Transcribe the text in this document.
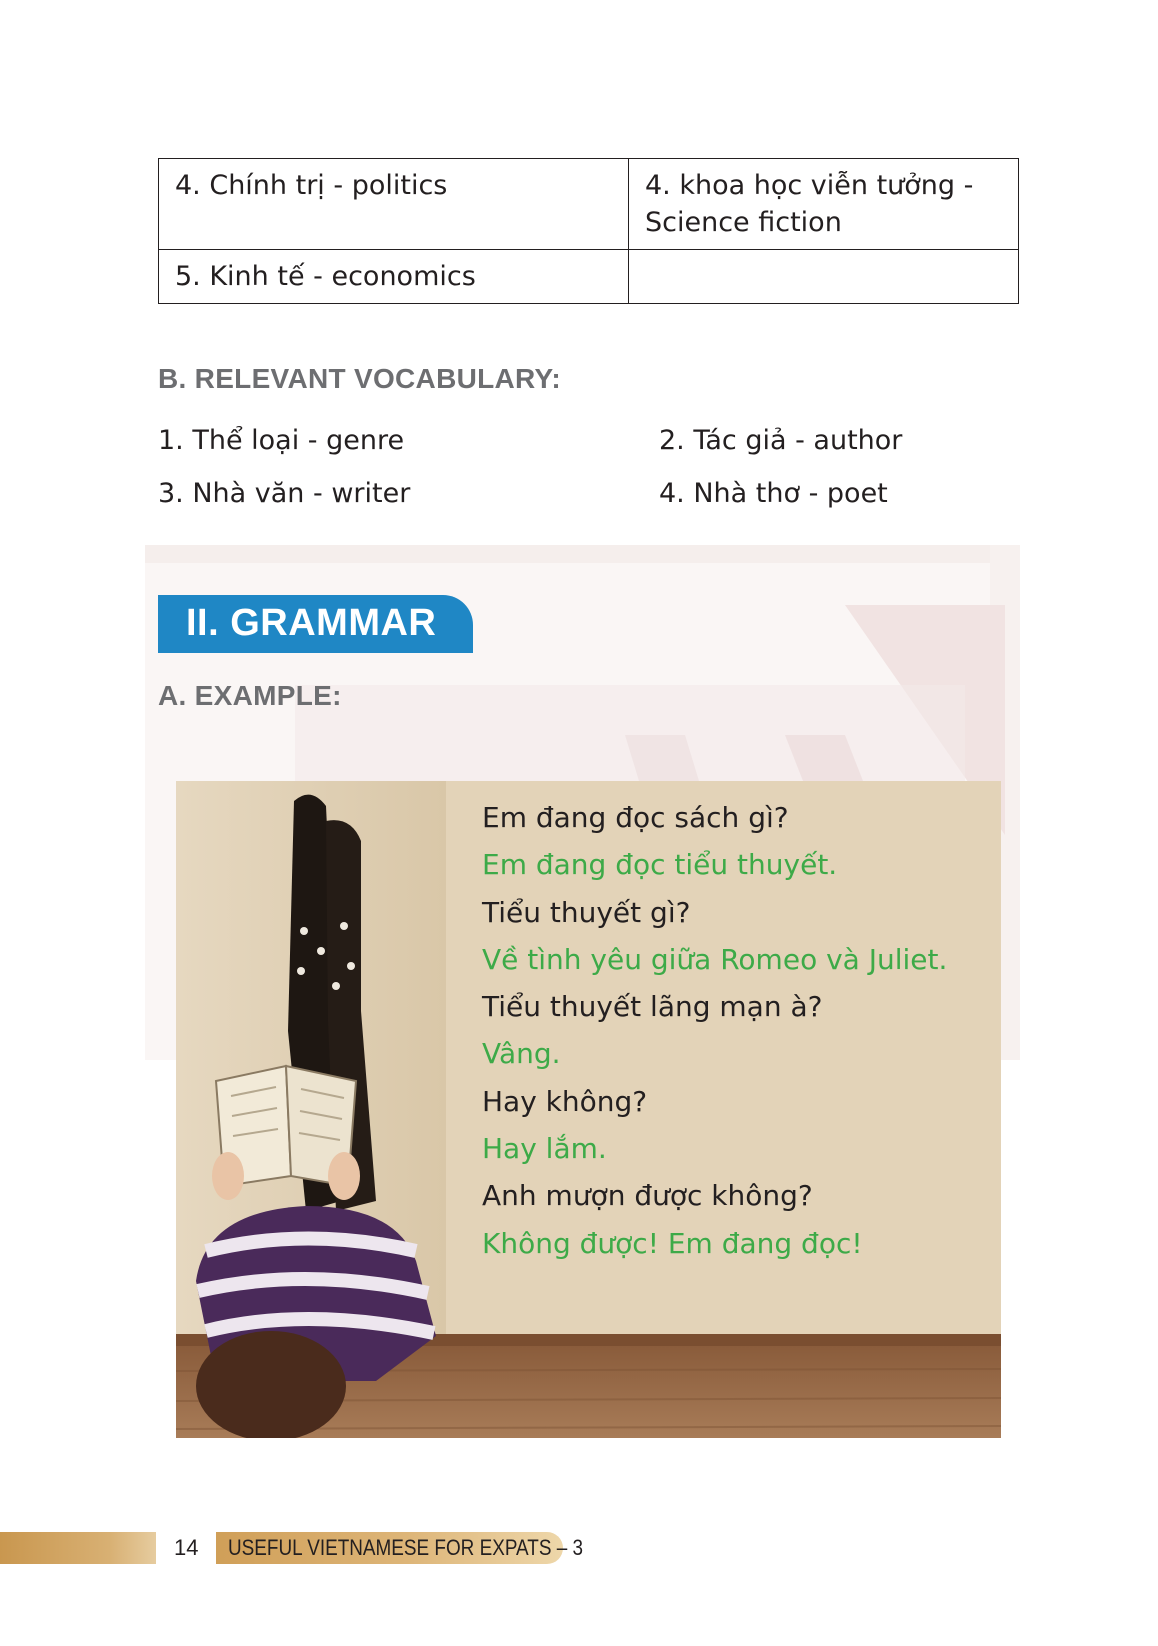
4. Chính trị - politics	4. khoa học viễn tưởng - Science fiction
5. Kinh tế - economics	
B. RELEVANT VOCABULARY:
1. Thể loại - genre	2. Tác giả - author
3. Nhà văn - writer	4. Nhà thơ - poet
II. GRAMMAR
A. EXAMPLE:
Em đang đọc sách gì?
Em đang đọc tiểu thuyết.
Tiểu thuyết gì?
Về tình yêu giữa Romeo và Juliet.
Tiểu thuyết lãng mạn à?
Vâng.
Hay không?
Hay lắm.
Anh mượn được không?
Không được! Em đang đọc!
14 USEFUL VIETNAMESE FOR EXPATS – 3
